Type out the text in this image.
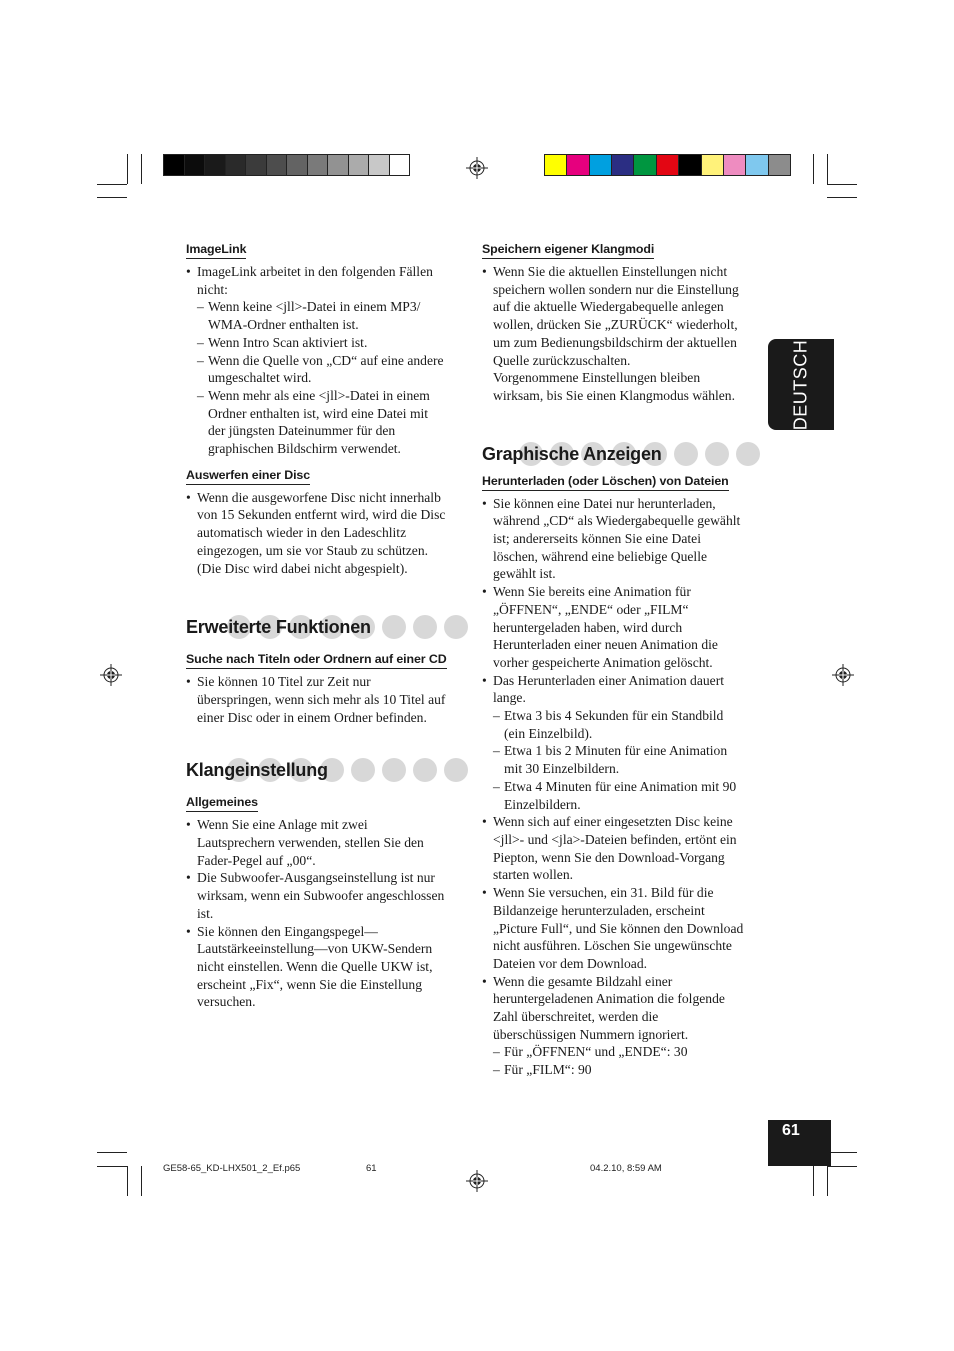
DEUTSCH
ImageLink
• ImageLink arbeitet in den folgenden Fällen
nicht:
– Wenn keine <jll>-Datei in einem MP3/
WMA-Ordner enthalten ist.
– Wenn Intro Scan aktiviert ist.
– Wenn die Quelle von „CD“ auf eine andere
umgeschaltet wird.
– Wenn mehr als eine <jll>-Datei in einem
Ordner enthalten ist, wird eine Datei mit
der jüngsten Dateinummer für den
graphischen Bildschirm verwendet.
Auswerfen einer Disc
• Wenn die ausgeworfene Disc nicht innerhalb
von 15 Sekunden entfernt wird, wird die Disc
automatisch wieder in den Ladeschlitz
eingezogen, um sie vor Staub zu schützen.
(Die Disc wird dabei nicht abgespielt).
Erweiterte Funktionen
Suche nach Titeln oder Ordnern auf einer CD
• Sie können 10 Titel zur Zeit nur
überspringen, wenn sich mehr als 10 Titel auf
einer Disc oder in einem Ordner befinden.
Klangeinstellung
Allgemeines
• Wenn Sie eine Anlage mit zwei
Lautsprechern verwenden, stellen Sie den
Fader-Pegel auf „00“.
• Die Subwoofer-Ausgangseinstellung ist nur
wirksam, wenn ein Subwoofer angeschlossen
ist.
• Sie können den Eingangspegel—
Lautstärkeeinstellung—von UKW-Sendern
nicht einstellen. Wenn die Quelle UKW ist,
erscheint „Fix“, wenn Sie die Einstellung
versuchen.
Speichern eigener Klangmodi
• Wenn Sie die aktuellen Einstellungen nicht
speichern wollen sondern nur die Einstellung
auf die aktuelle Wiedergabequelle anlegen
wollen, drücken Sie „ZURÜCK“ wiederholt,
um zum Bedienungsbildschirm der aktuellen
Quelle zurückzuschalten.
Vorgenommene Einstellungen bleiben
wirksam, bis Sie einen Klangmodus wählen.
Graphische Anzeigen
Herunterladen (oder Löschen) von Dateien
• Sie können eine Datei nur herunterladen,
während „CD“ als Wiedergabequelle gewählt
ist; andererseits können Sie eine Datei
löschen, während eine beliebige Quelle
gewählt ist.
• Wenn Sie bereits eine Animation für
„ÖFFNEN“, „ENDE“ oder „FILM“
heruntergeladen haben, wird durch
Herunterladen einer neuen Animation die
vorher gespeicherte Animation gelöscht.
• Das Herunterladen einer Animation dauert
lange.
– Etwa 3 bis 4 Sekunden für ein Standbild
(ein Einzelbild).
– Etwa 1 bis 2 Minuten für eine Animation
mit 30 Einzelbildern.
– Etwa 4 Minuten für eine Animation mit 90
Einzelbildern.
• Wenn sich auf einer eingesetzten Disc keine
<jll>- und <jla>-Dateien befinden, ertönt ein
Piepton, wenn Sie den Download-Vorgang
starten wollen.
• Wenn Sie versuchen, ein 31. Bild für die
Bildanzeige herunterzuladen, erscheint
„Picture Full“, und Sie können den Download
nicht ausführen. Löschen Sie ungewünschte
Dateien vor dem Download.
• Wenn die gesamte Bildzahl einer
heruntergeladenen Animation die folgende
Zahl überschreitet, werden die
überschüssigen Nummern ignoriert.
– Für „ÖFFNEN“ und „ENDE“: 30
– Für „FILM“: 90
61
GE58-65_KD-LHX501_2_Ef.p65	61	04.2.10, 8:59 AM
